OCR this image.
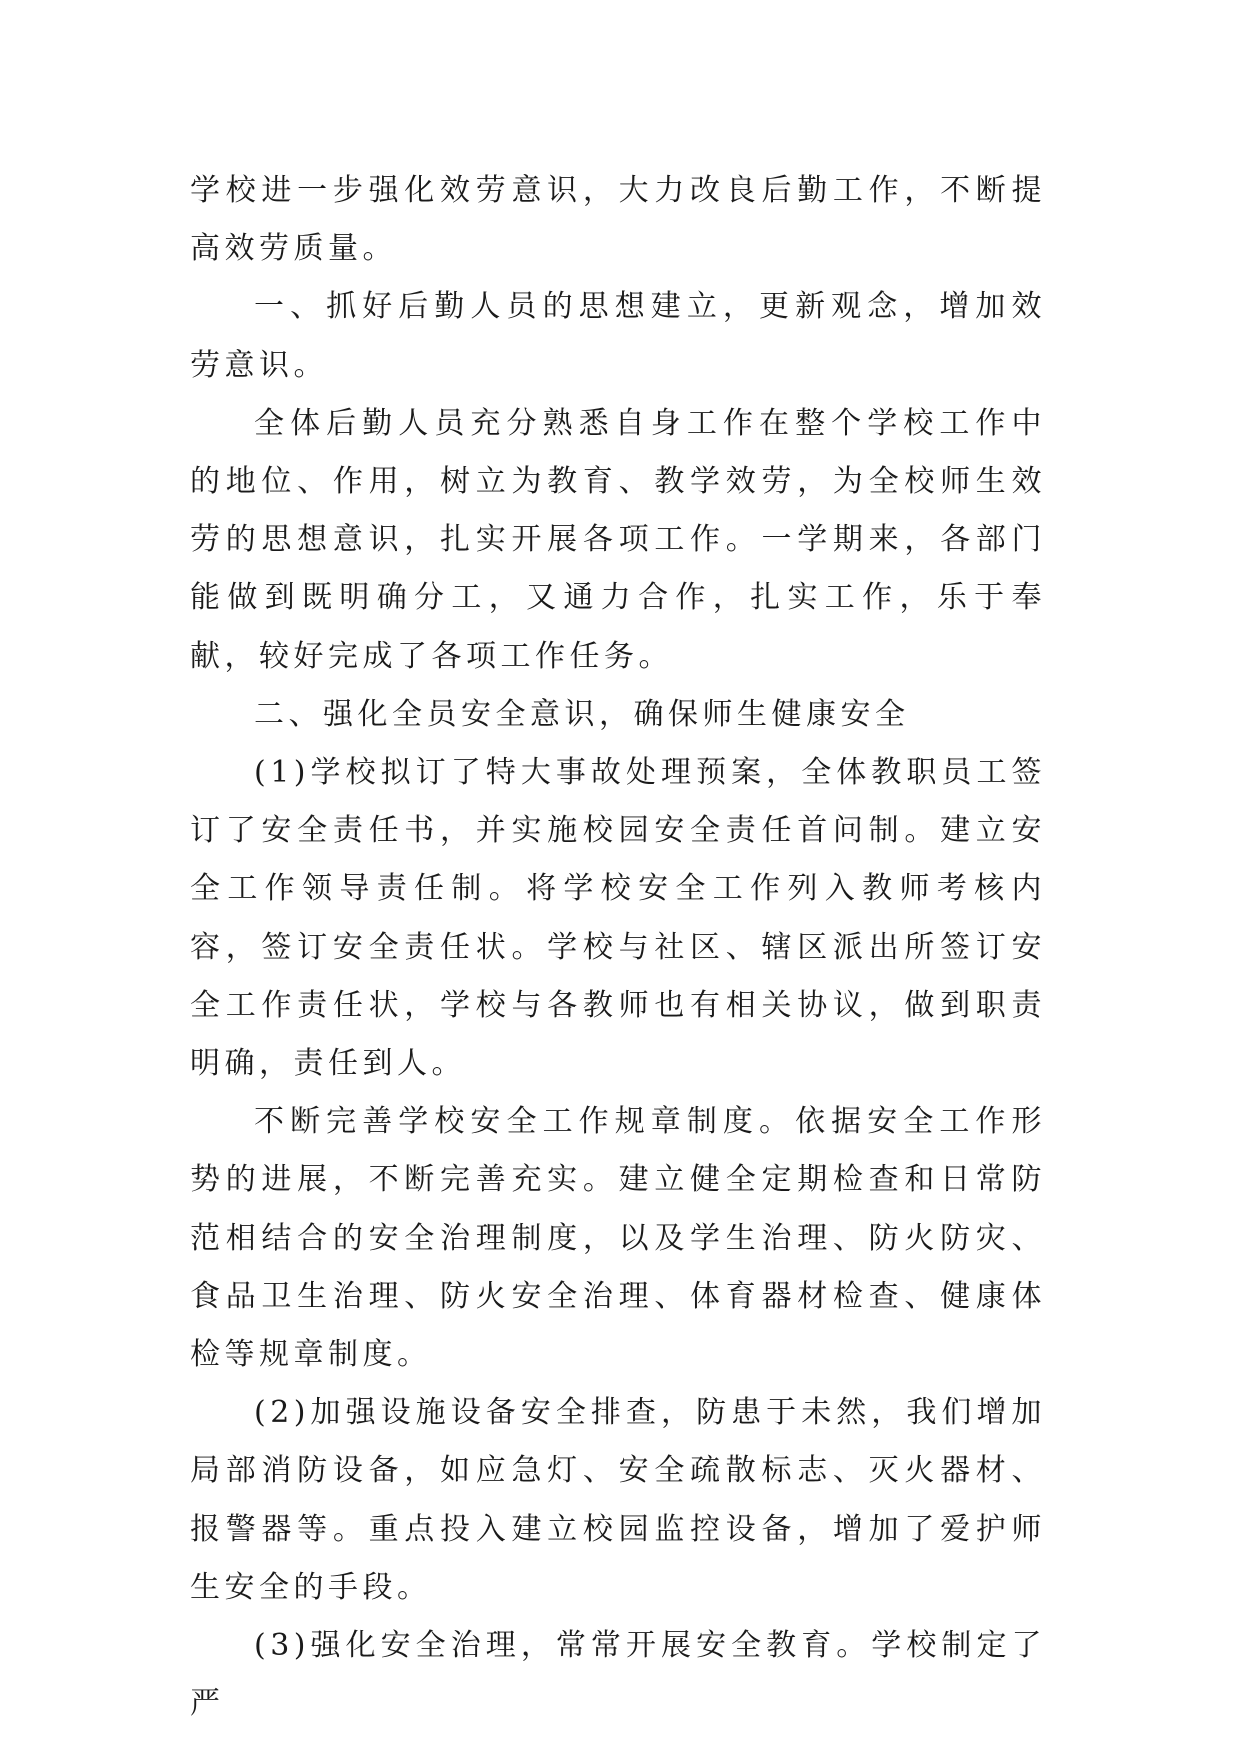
学校进一步强化效劳意识，大力改良后勤工作，不断提高效劳质量。

一、抓好后勤人员的思想建立，更新观念，增加效劳意识。

全体后勤人员充分熟悉自身工作在整个学校工作中的地位、作用，树立为教育、教学效劳，为全校师生效劳的思想意识，扎实开展各项工作。一学期来，各部门能做到既明确分工，又通力合作，扎实工作，乐于奉献，较好完成了各项工作任务。

二、强化全员安全意识，确保师生健康安全

(1)学校拟订了特大事故处理预案，全体教职员工签订了安全责任书，并实施校园安全责任首问制。建立安全工作领导责任制。将学校安全工作列入教师考核内容，签订安全责任状。学校与社区、辖区派出所签订安全工作责任状，学校与各教师也有相关协议，做到职责明确，责任到人。

不断完善学校安全工作规章制度。依据安全工作形势的进展，不断完善充实。建立健全定期检查和日常防范相结合的安全治理制度，以及学生治理、防火防灾、食品卫生治理、防火安全治理、体育器材检查、健康体检等规章制度。

(2)加强设施设备安全排查，防患于未然，我们增加局部消防设备，如应急灯、安全疏散标志、灭火器材、报警器等。重点投入建立校园监控设备，增加了爱护师生安全的手段。

(3)强化安全治理，常常开展安全教育。学校制定了严
